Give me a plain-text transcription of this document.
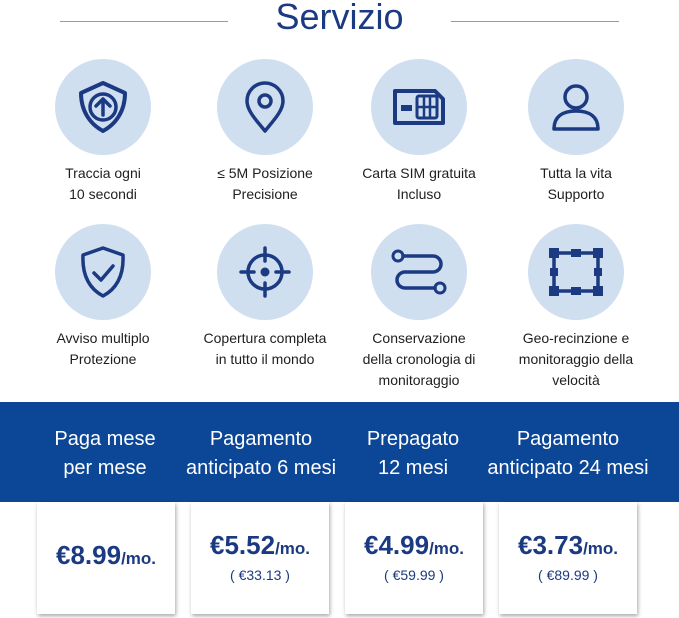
Servizio
Traccia ogni
10 secondi
≤ 5M Posizione
Precisione
Carta SIM gratuita
Incluso
Tutta la vita
Supporto
Avviso multiplo
Protezione
Copertura completa
in tutto il mondo
Conservazione
della cronologia di
monitoraggio
Geo-recinzione e
monitoraggio della
velocità
Paga mese
per mese
Pagamento
anticipato 6 mesi
Prepagato
12 mesi
Pagamento
anticipato 24 mesi
€8.99/mo.	€5.52/mo.
( €33.13 )
€4.99/mo.
( €59.99 )
€3.73/mo.
( €89.99 )
